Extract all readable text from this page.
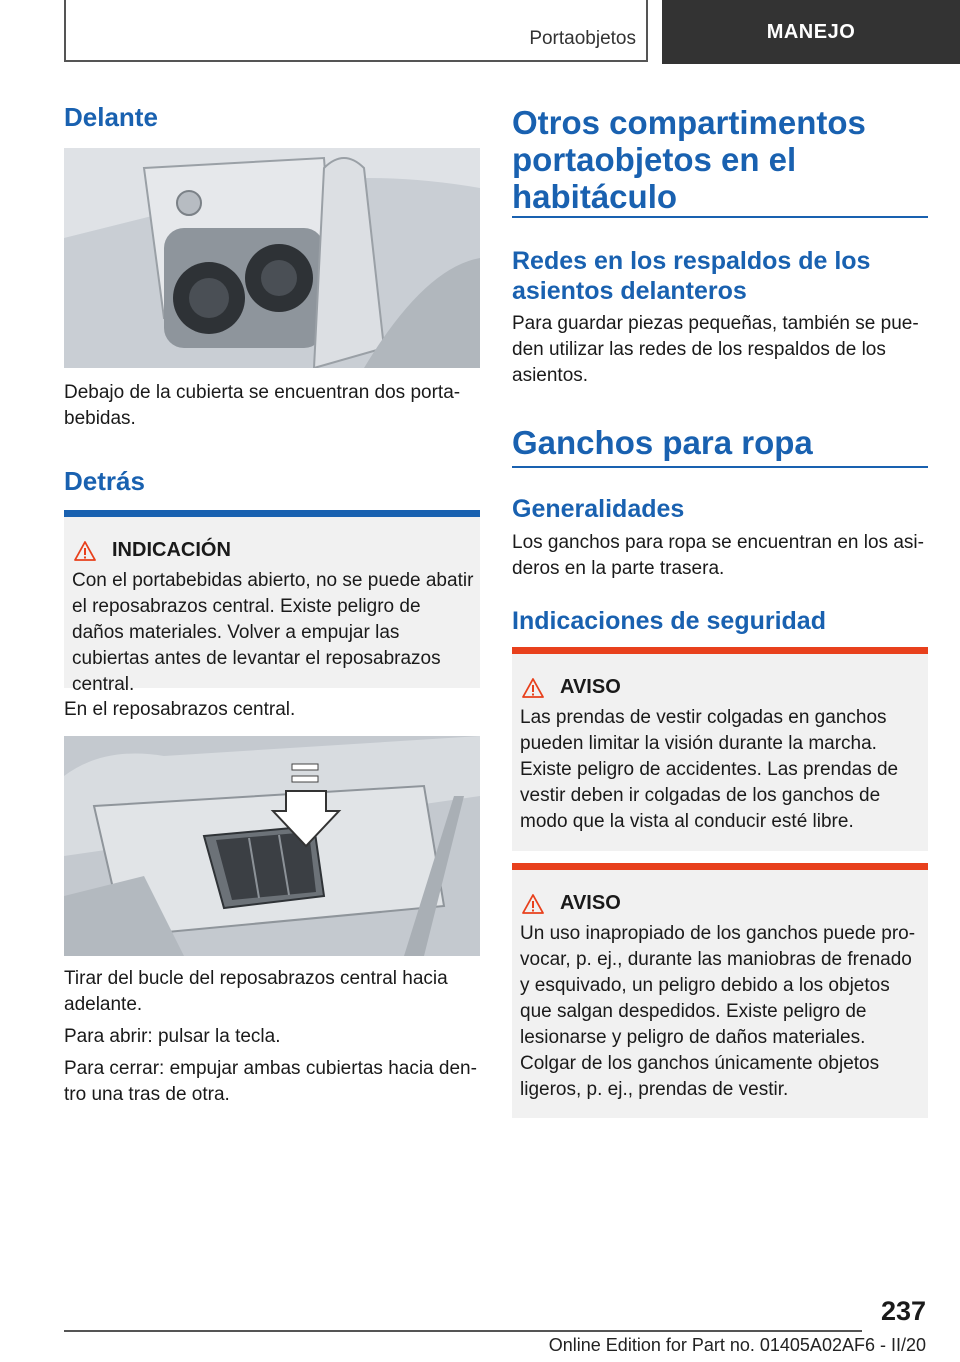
Portaobjetos	MANEJO
Delante

Debajo de la cubierta se encuentran dos portabebidas.

Detrás
INDICACIÓN

Con el portabebidas abierto, no se puede abatir el reposabrazos central. Existe peligro de daños materiales. Volver a empujar las cubiertas antes de levantar el reposabrazos central.

En el reposabrazos central.

Tirar del bucle del reposabrazos central hacia adelante.

Para abrir: pulsar la tecla.

Para cerrar: empujar ambas cubiertas hacia dentro una tras de otra.

Otros compartimentos portaobjetos en el habitáculo
Redes en los respaldos de los asientos delanteros

Para guardar piezas pequeñas, también se pueden utilizar las redes de los respaldos de los asientos.

Ganchos para ropa
Generalidades

Los ganchos para ropa se encuentran en los asideros en la parte trasera.

Indicaciones de seguridad
AVISO

Las prendas de vestir colgadas en ganchos pueden limitar la visión durante la marcha. Existe peligro de accidentes. Las prendas de vestir deben ir colgadas de los ganchos de modo que la vista al conducir esté libre.

AVISO

Un uso inapropiado de los ganchos puede provocar, p. ej., durante las maniobras de frenado y esquivado, un peligro debido a los objetos que salgan despedidos. Existe peligro de lesionarse y peligro de daños materiales. Colgar de los ganchos únicamente objetos ligeros, p. ej., prendas de vestir.

237
Online Edition for Part no. 01405A02AF6 - II/20
